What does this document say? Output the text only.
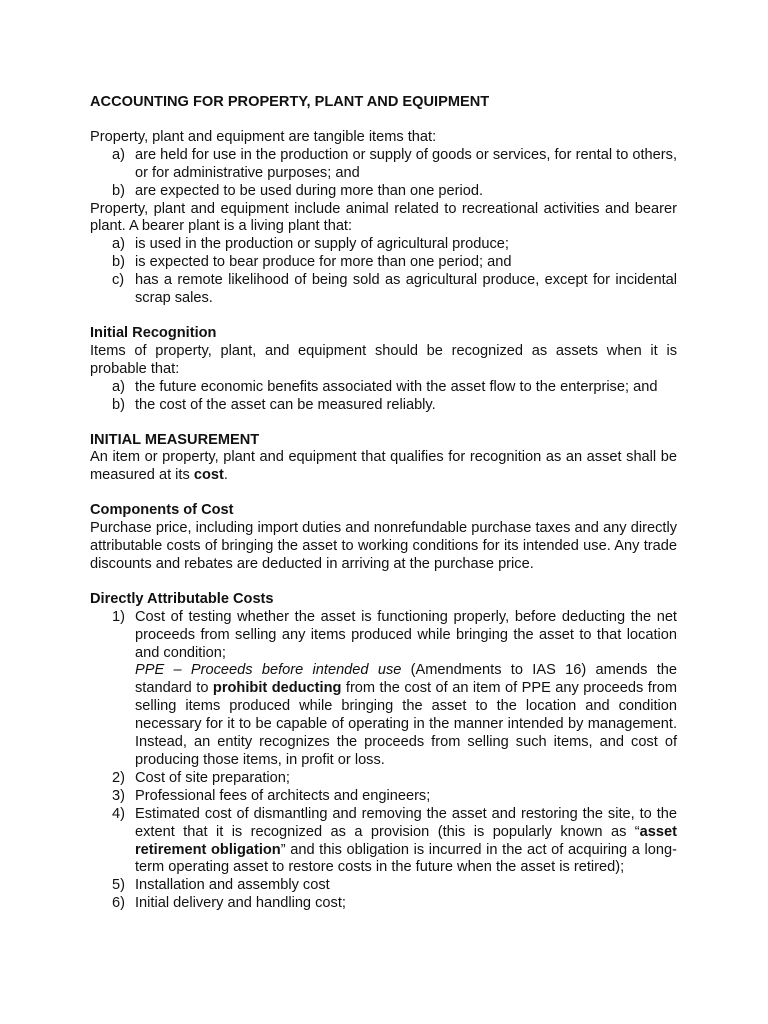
ACCOUNTING FOR PROPERTY, PLANT AND EQUIPMENT

Property, plant and equipment are tangible items that:

a) are held for use in the production or supply of goods or services, for rental to others, or for administrative purposes; and
b) are expected to be used during more than one period.

Property, plant and equipment include animal related to recreational activities and bearer plant. A bearer plant is a living plant that:

a) is used in the production or supply of agricultural produce;
b) is expected to bear produce for more than one period; and
c) has a remote likelihood of being sold as agricultural produce, except for incidental scrap sales.

Initial Recognition

Items of property, plant, and equipment should be recognized as assets when it is probable that:

a) the future economic benefits associated with the asset flow to the enterprise; and
b) the cost of the asset can be measured reliably.

INITIAL MEASUREMENT

An item or property, plant and equipment that qualifies for recognition as an asset shall be measured at its cost.

Components of Cost

Purchase price, including import duties and nonrefundable purchase taxes and any directly attributable costs of bringing the asset to working conditions for its intended use. Any trade discounts and rebates are deducted in arriving at the purchase price.

Directly Attributable Costs

1) Cost of testing whether the asset is functioning properly, before deducting the net proceeds from selling any items produced while bringing the asset to that location and condition;
PPE – Proceeds before intended use (Amendments to IAS 16) amends the standard to prohibit deducting from the cost of an item of PPE any proceeds from selling items produced while bringing the asset to the location and condition necessary for it to be capable of operating in the manner intended by management. Instead, an entity recognizes the proceeds from selling such items, and cost of producing those items, in profit or loss.
2) Cost of site preparation;
3) Professional fees of architects and engineers;
4) Estimated cost of dismantling and removing the asset and restoring the site, to the extent that it is recognized as a provision (this is popularly known as “asset retirement obligation” and this obligation is incurred in the act of acquiring a long-term operating asset to restore costs in the future when the asset is retired);
5) Installation and assembly cost
6) Initial delivery and handling cost;
